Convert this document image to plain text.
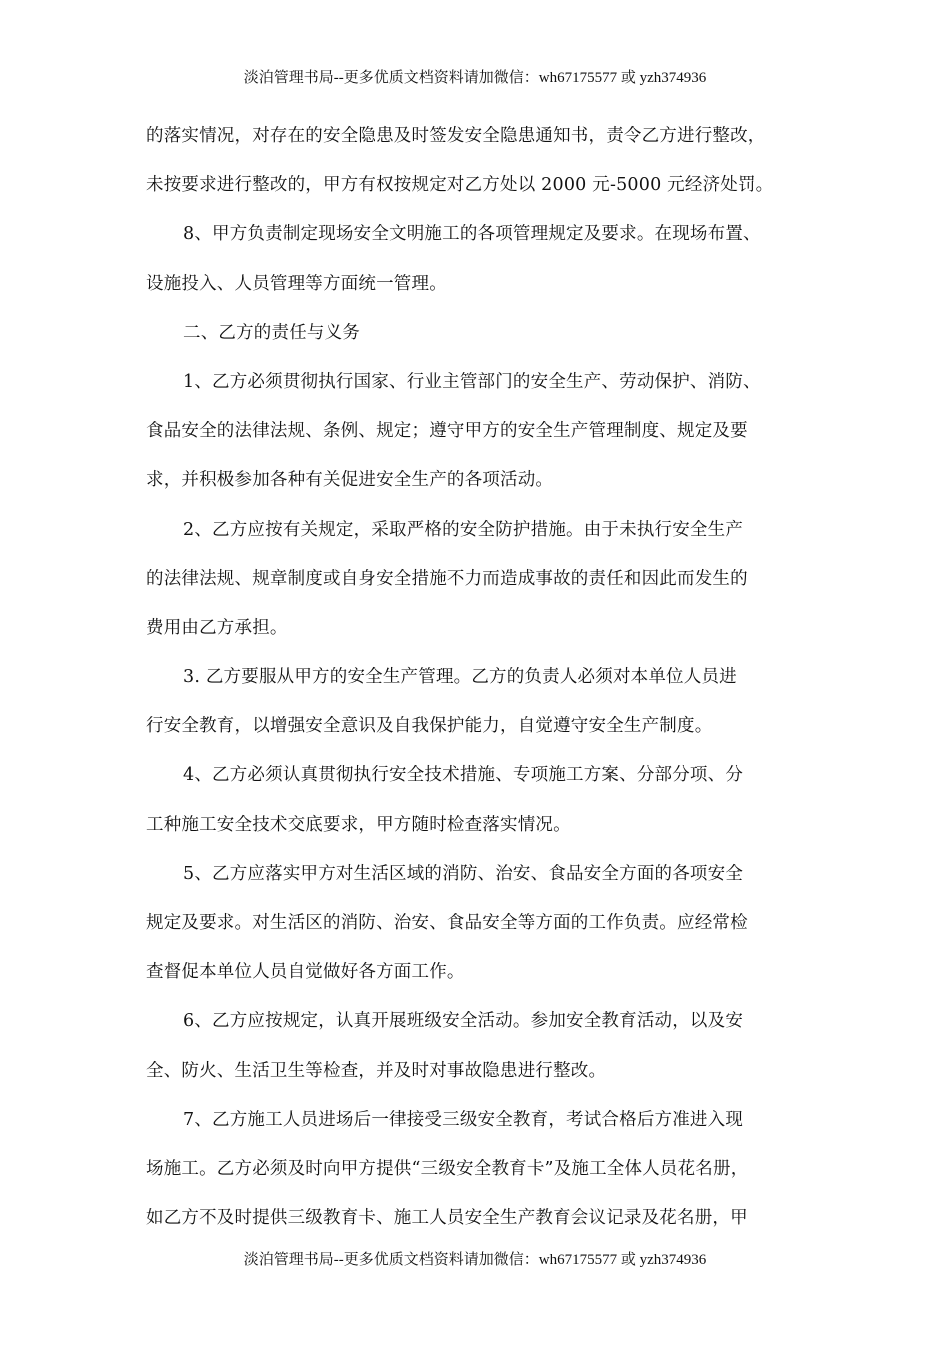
淡泊管理书局--更多优质文档资料请加微信：wh67175577 或 yzh374936
的落实情况，对存在的安全隐患及时签发安全隐患通知书，责令乙方进行整改，
未按要求进行整改的，甲方有权按规定对乙方处以 2000 元-5000 元经济处罚。
8、甲方负责制定现场安全文明施工的各项管理规定及要求。在现场布置、
设施投入、人员管理等方面统一管理。
二、乙方的责任与义务
1、乙方必须贯彻执行国家、行业主管部门的安全生产、劳动保护、消防、
食品安全的法律法规、条例、规定；遵守甲方的安全生产管理制度、规定及要
求，并积极参加各种有关促进安全生产的各项活动。
2、乙方应按有关规定，采取严格的安全防护措施。由于未执行安全生产
的法律法规、规章制度或自身安全措施不力而造成事故的责任和因此而发生的
费用由乙方承担。
3. 乙方要服从甲方的安全生产管理。乙方的负责人必须对本单位人员进
行安全教育，以增强安全意识及自我保护能力，自觉遵守安全生产制度。
4、乙方必须认真贯彻执行安全技术措施、专项施工方案、分部分项、分
工种施工安全技术交底要求，甲方随时检查落实情况。
5、乙方应落实甲方对生活区域的消防、治安、食品安全方面的各项安全
规定及要求。对生活区的消防、治安、食品安全等方面的工作负责。应经常检
查督促本单位人员自觉做好各方面工作。
6、乙方应按规定，认真开展班级安全活动。参加安全教育活动，以及安
全、防火、生活卫生等检查，并及时对事故隐患进行整改。
7、乙方施工人员进场后一律接受三级安全教育，考试合格后方准进入现
场施工。乙方必须及时向甲方提供“三级安全教育卡”及施工全体人员花名册，
如乙方不及时提供三级教育卡、施工人员安全生产教育会议记录及花名册，甲
淡泊管理书局--更多优质文档资料请加微信：wh67175577 或 yzh374936
